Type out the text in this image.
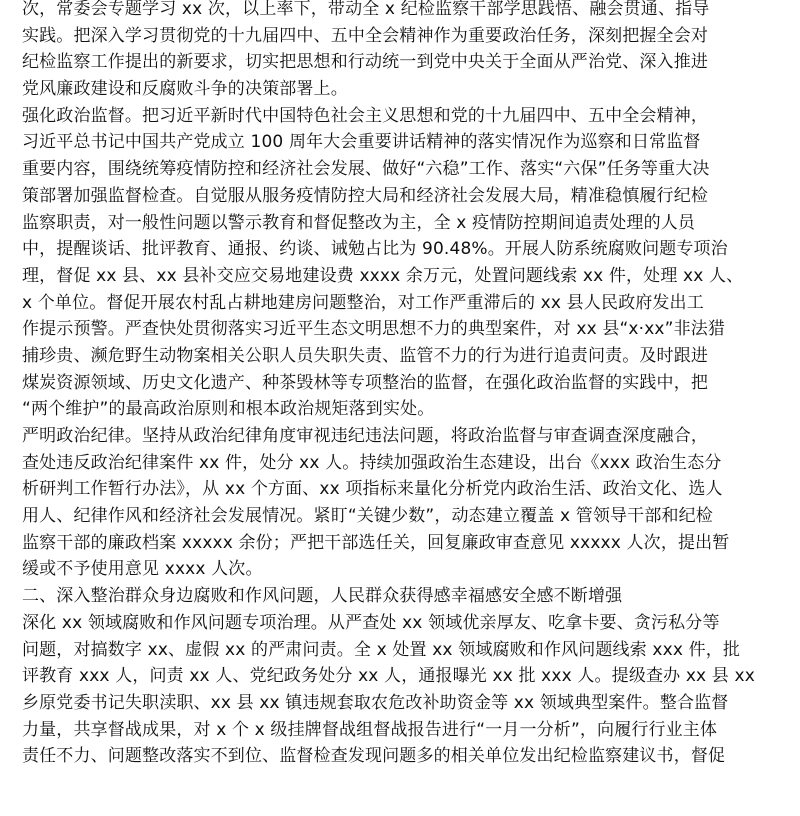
次，常委会专题学习 xx 次，以上率下，带动全 x 纪检监察干部学思践悟、融会贯通、指导
实践。把深入学习贯彻党的十九届四中、五中全会精神作为重要政治任务，深刻把握全会对
纪检监察工作提出的新要求，切实把思想和行动统一到党中央关于全面从严治党、深入推进
党风廉政建设和反腐败斗争的决策部署上。
强化政治监督。把习近平新时代中国特色社会主义思想和党的十九届四中、五中全会精神，
习近平总书记中国共产党成立 100 周年大会重要讲话精神的落实情况作为巡察和日常监督
重要内容，围绕统筹疫情防控和经济社会发展、做好“六稳”工作、落实“六保”任务等重大决
策部署加强监督检查。自觉服从服务疫情防控大局和经济社会发展大局，精准稳慎履行纪检
监察职责，对一般性问题以警示教育和督促整改为主，全 x 疫情防控期间追责处理的人员
中，提醒谈话、批评教育、通报、约谈、诫勉占比为 90.48%。开展人防系统腐败问题专项治
理，督促 xx 县、xx 县补交应交易地建设费 xxxx 余万元，处置问题线索 xx 件，处理 xx 人、
x 个单位。督促开展农村乱占耕地建房问题整治，对工作严重滞后的 xx 县人民政府发出工
作提示预警。严查快处贯彻落实习近平生态文明思想不力的典型案件，对 xx 县“x·xx”非法猎
捕珍贵、濒危野生动物案相关公职人员失职失责、监管不力的行为进行追责问责。及时跟进
煤炭资源领域、历史文化遗产、种茶毁林等专项整治的监督，在强化政治监督的实践中，把
“两个维护”的最高政治原则和根本政治规矩落到实处。
严明政治纪律。坚持从政治纪律角度审视违纪违法问题，将政治监督与审查调查深度融合，
查处违反政治纪律案件 xx 件，处分 xx 人。持续加强政治生态建设，出台《xxx 政治生态分
析研判工作暂行办法》，从 xx 个方面、xx 项指标来量化分析党内政治生活、政治文化、选人
用人、纪律作风和经济社会发展情况。紧盯“关键少数”，动态建立覆盖 x 管领导干部和纪检
监察干部的廉政档案 xxxxx 余份；严把干部选任关，回复廉政审查意见 xxxxx 人次，提出暂
缓或不予使用意见 xxxx 人次。
二、深入整治群众身边腐败和作风问题，人民群众获得感幸福感安全感不断增强
深化 xx 领域腐败和作风问题专项治理。从严查处 xx 领域优亲厚友、吃拿卡要、贪污私分等
问题，对搞数字 xx、虚假 xx 的严肃问责。全 x 处置 xx 领域腐败和作风问题线索 xxx 件，批
评教育 xxx 人，问责 xx 人、党纪政务处分 xx 人，通报曝光 xx 批 xxx 人。提级查办 xx 县 xx
乡原党委书记失职渎职、xx 县 xx 镇违规套取农危改补助资金等 xx 领域典型案件。整合监督
力量，共享督战成果，对 x 个 x 级挂牌督战组督战报告进行“一月一分析”，向履行行业主体
责任不力、问题整改落实不到位、监督检查发现问题多的相关单位发出纪检监察建议书，督促
